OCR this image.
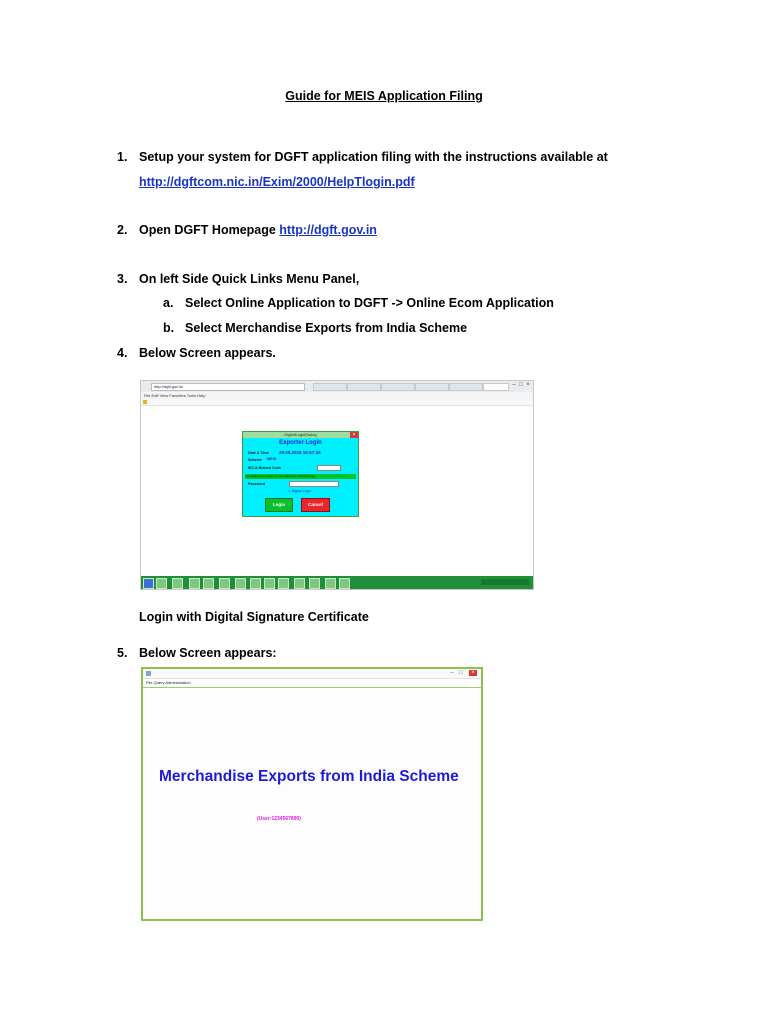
Guide for MEIS Application Filing
1. Setup your system for DGFT application filing with the instructions available at
http://dgftcom.nic.in/Exim/2000/HelpTlogin.pdf
2. Open DGFT Homepage http://dgft.gov.in
3. On left Side Quick Links Menu Panel,
a. Select Online Application to DGFT -> Online Ecom Application
b. Select Merchandise Exports from India Scheme
4. Below Screen appears.
http://dgft.gov.in/	– □ ×
File Edit View Favorites Tools Help
DigitalLoginDialog	×
Exporter Login
Date & Time 29.09.2016 16:57:45
Scheme MEIS
IEC & Branch Code
Use Subscription/Sec or use Hardware Token/Dongle
Password
✓ Digital Login
Login	Cancel
Login with Digital Signature Certificate
5. Below Screen appears:
– □	×
File Query Administration
Merchandise Exports from India Scheme
(User:1234567890)
